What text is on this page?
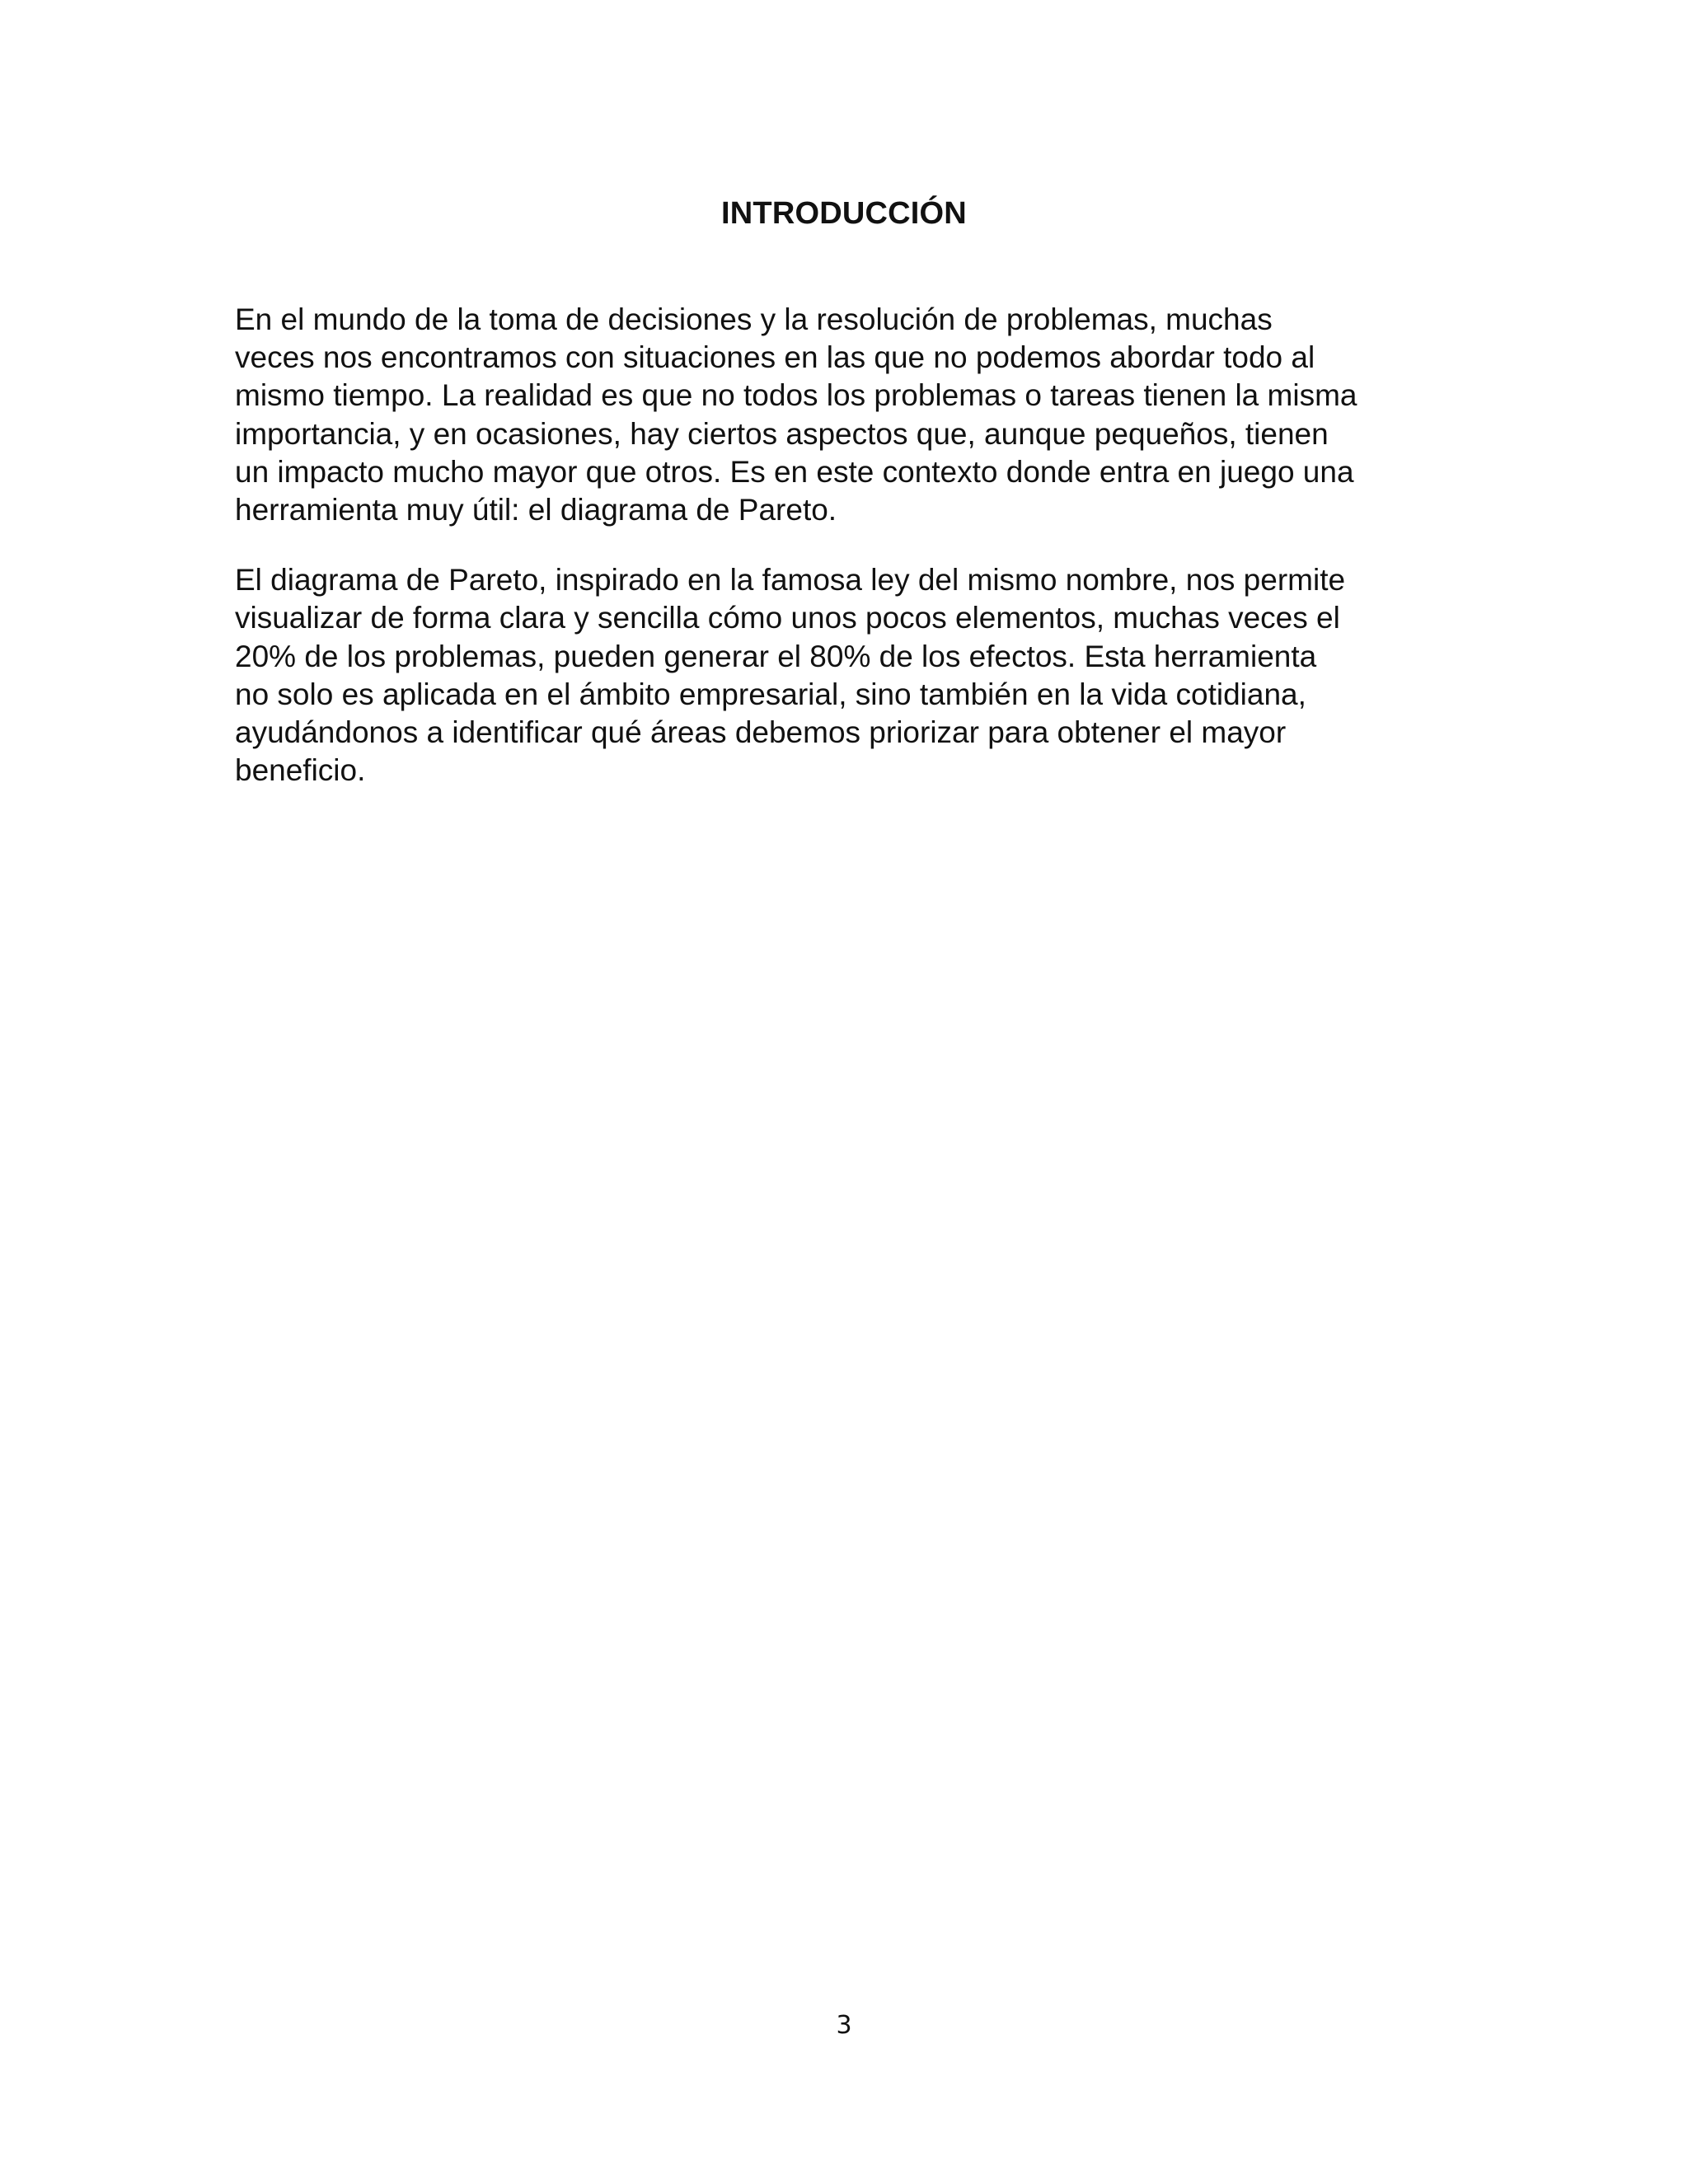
INTRODUCCIÓN

En el mundo de la toma de decisiones y la resolución de problemas, muchas
veces nos encontramos con situaciones en las que no podemos abordar todo al
mismo tiempo. La realidad es que no todos los problemas o tareas tienen la misma
importancia, y en ocasiones, hay ciertos aspectos que, aunque pequeños, tienen
un impacto mucho mayor que otros. Es en este contexto donde entra en juego una
herramienta muy útil: el diagrama de Pareto.

El diagrama de Pareto, inspirado en la famosa ley del mismo nombre, nos permite
visualizar de forma clara y sencilla cómo unos pocos elementos, muchas veces el
20% de los problemas, pueden generar el 80% de los efectos. Esta herramienta
no solo es aplicada en el ámbito empresarial, sino también en la vida cotidiana,
ayudándonos a identificar qué áreas debemos priorizar para obtener el mayor
beneficio.

3
